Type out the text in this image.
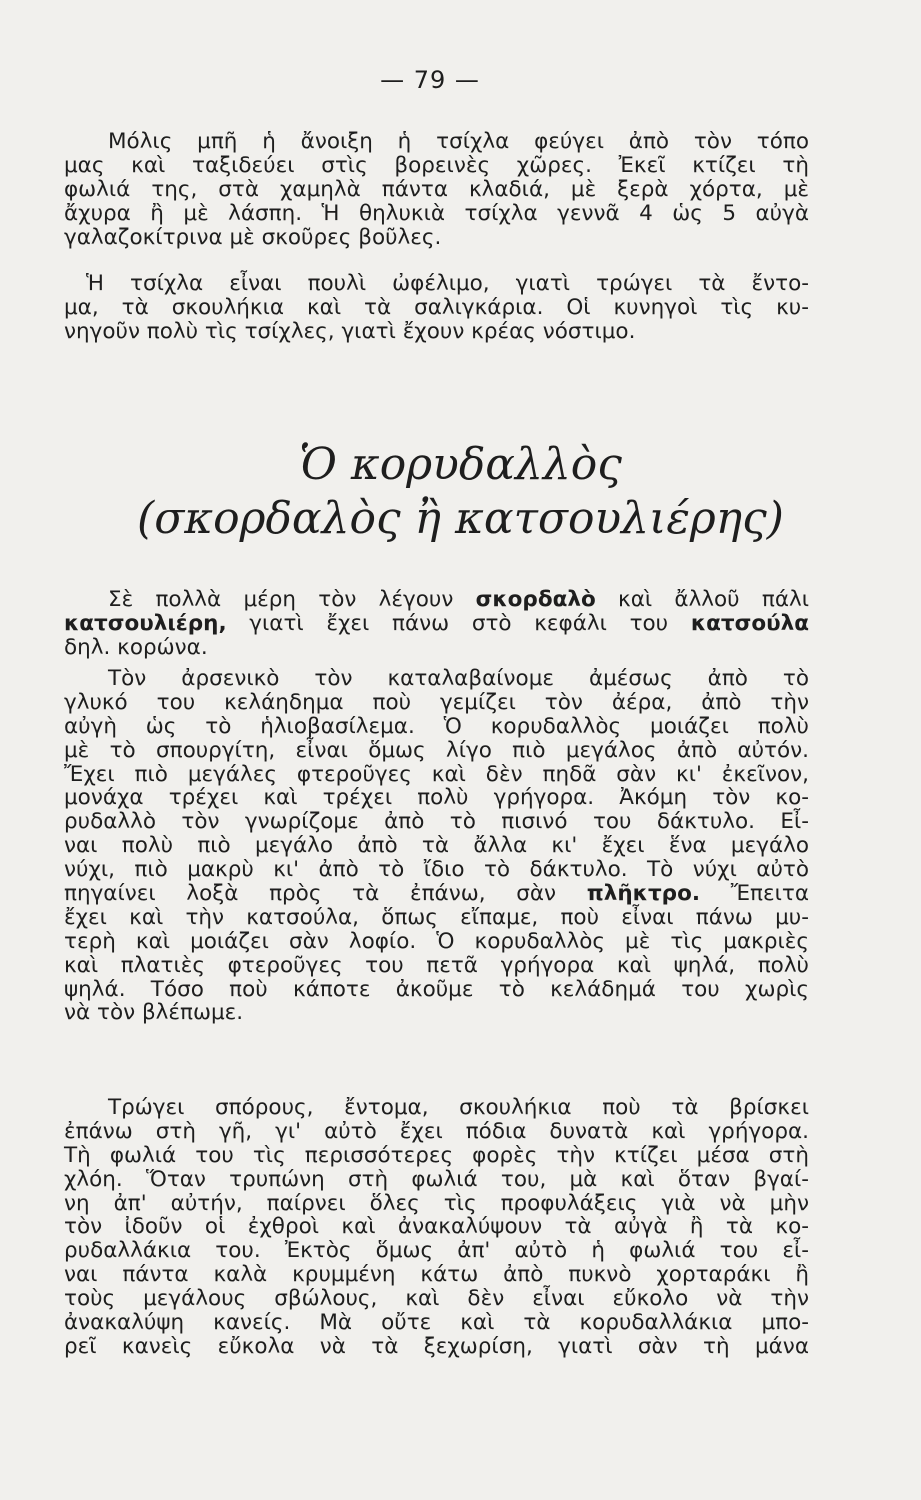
— 79 —
Μόλις μπῆ ἡ ἄνοιξη ἡ τσίχλα φεύγει ἀπὸ τὸν τόπο
μας καὶ ταξιδεύει στὶς βορεινὲς χῶρες. Ἐκεῖ κτίζει τὴ
φωλιά της, στὰ χαμηλὰ πάντα κλαδιά, μὲ ξερὰ χόρτα, μὲ
ἄχυρα ἢ μὲ λάσπη. Ἡ θηλυκιὰ τσίχλα γεννᾶ 4 ὡς 5 αὐγὰ
γαλαζοκίτρινα μὲ σκοῦρες βοῦλες.
Ἡ τσίχλα εἶναι πουλὶ ὠφέλιμο, γιατὶ τρώγει τὰ ἔντο-
μα, τὰ σκουλήκια καὶ τὰ σαλιγκάρια. Οἱ κυνηγοὶ τὶς κυ-
νηγοῦν πολὺ τὶς τσίχλες, γιατὶ ἔχουν κρέας νόστιμο.
Ὁ κορυδαλλὸς
(σκορδαλὸς ἢ κατσουλιέρης)
Σὲ πολλὰ μέρη τὸν λέγουν σκορδαλὸ καὶ ἄλλοῦ πάλι
κατσουλιέρη, γιατὶ ἔχει πάνω στὸ κεφάλι του κατσούλα
δηλ. κορώνα.
Τὸν ἀρσενικὸ τὸν καταλαβαίνομε ἀμέσως ἀπὸ τὸ
γλυκό του κελάηδημα ποὺ γεμίζει τὸν ἀέρα, ἀπὸ τὴν
αὐγὴ ὡς τὸ ἡλιοβασίλεμα. Ὁ κορυδαλλὸς μοιάζει πολὺ
μὲ τὸ σπουργίτη, εἶναι ὅμως λίγο πιὸ μεγάλος ἀπὸ αὐτόν.
Ἔχει πιὸ μεγάλες φτεροῦγες καὶ δὲν πηδᾶ σὰν κι' ἐκεῖνον,
μονάχα τρέχει καὶ τρέχει πολὺ γρήγορα. Ἀκόμη τὸν κο-
ρυδαλλὸ τὸν γνωρίζομε ἀπὸ τὸ πισινό του δάκτυλο. Εἶ-
ναι πολὺ πιὸ μεγάλο ἀπὸ τὰ ἄλλα κι' ἔχει ἕνα μεγάλο
νύχι, πιὸ μακρὺ κι' ἀπὸ τὸ ἴδιο τὸ δάκτυλο. Τὸ νύχι αὐτὸ
πηγαίνει λοξὰ πρὸς τὰ ἐπάνω, σὰν πλῆκτρο. Ἔπειτα
ἔχει καὶ τὴν κατσούλα, ὅπως εἴπαμε, ποὺ εἶναι πάνω μυ-
τερὴ καὶ μοιάζει σὰν λοφίο. Ὁ κορυδαλλὸς μὲ τὶς μακριὲς
καὶ πλατιὲς φτεροῦγες του πετᾶ γρήγορα καὶ ψηλά, πολὺ
ψηλά. Τόσο ποὺ κάποτε ἀκοῦμε τὸ κελάδημά του χωρὶς
νὰ τὸν βλέπωμε.
Τρώγει σπόρους, ἔντομα, σκουλήκια ποὺ τὰ βρίσκει
ἐπάνω στὴ γῆ, γι' αὐτὸ ἔχει πόδια δυνατὰ καὶ γρήγορα.
Τὴ φωλιά του τὶς περισσότερες φορὲς τὴν κτίζει μέσα στὴ
χλόη. Ὅταν τρυπώνη στὴ φωλιά του, μὰ καὶ ὅταν βγαί-
νη ἀπ' αὐτήν, παίρνει ὅλες τὶς προφυλάξεις γιὰ νὰ μὴν
τὸν ἰδοῦν οἱ ἐχθροὶ καὶ ἀνακαλύψουν τὰ αὐγὰ ἢ τὰ κο-
ρυδαλλάκια του. Ἐκτὸς ὅμως ἀπ' αὐτὸ ἡ φωλιά του εἶ-
ναι πάντα καλὰ κρυμμένη κάτω ἀπὸ πυκνὸ χορταράκι ἢ
τοὺς μεγάλους σβώλους, καὶ δὲν εἶναι εὔκολο νὰ τὴν
ἀνακαλύψη κανείς. Μὰ οὔτε καὶ τὰ κορυδαλλάκια μπο-
ρεῖ κανεὶς εὔκολα νὰ τὰ ξεχωρίση, γιατὶ σὰν τὴ μάνα
